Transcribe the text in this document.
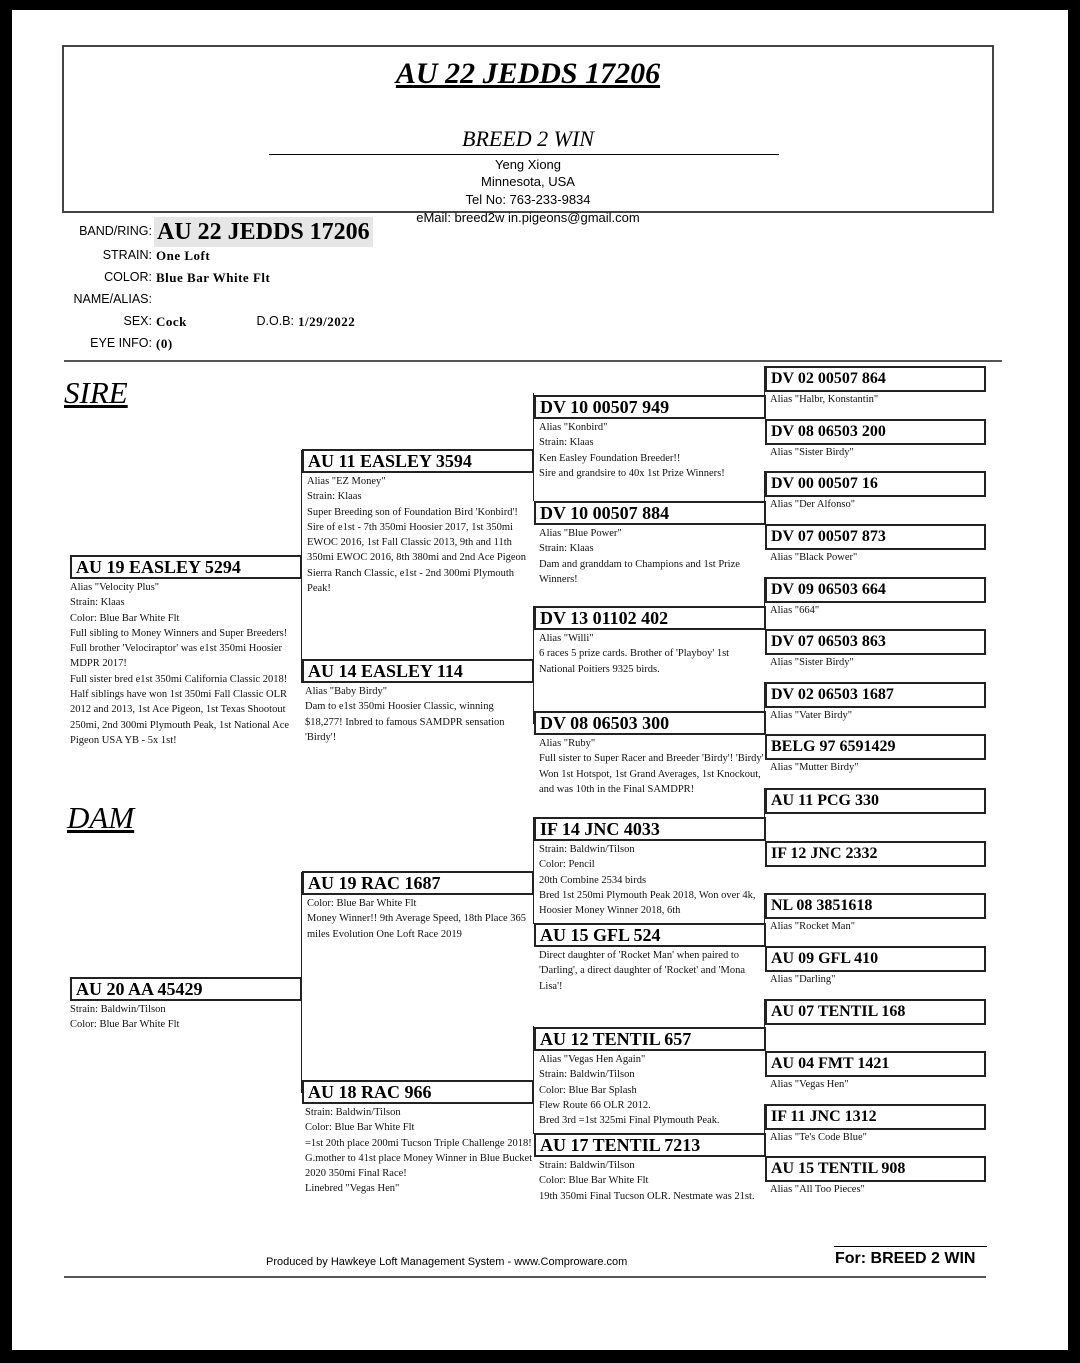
AU 22 JEDDS 17206
BREED 2 WIN
Yeng Xiong
Minnesota, USA
Tel No: 763-233-9834
eMail: breed2w in.pigeons@gmail.com
BAND/RING: AU 22 JEDDS 17206
STRAIN: One Loft
COLOR: Blue Bar White Flt
NAME/ALIAS:
SEX: Cock	D.O.B: 1/29/2022
EYE INFO: (0)
SIRE
DAM
AU 19 EASLEY 5294
Alias "Velocity Plus"
Strain: Klaas
Color: Blue Bar White Flt
Full sibling to Money Winners and Super Breeders!
Full brother 'Velociraptor' was e1st 350mi Hoosier MDPR 2017!
Full sister bred e1st 350mi California Classic 2018! Half siblings have won 1st 350mi Fall Classic OLR 2012 and 2013, 1st Ace Pigeon, 1st Texas Shootout 250mi, 2nd 300mi Plymouth Peak, 1st National Ace Pigeon USA YB - 5x 1st!
AU 20 AA 45429
Strain: Baldwin/Tilson
Color: Blue Bar White Flt
AU 11 EASLEY 3594
Alias "EZ Money"
Strain: Klaas
Super Breeding son of Foundation Bird 'Konbird'!
Sire of e1st - 7th 350mi Hoosier 2017, 1st 350mi EWOC 2016, 1st Fall Classic 2013, 9th and 11th 350mi EWOC 2016, 8th 380mi and 2nd Ace Pigeon Sierra Ranch Classic, e1st - 2nd 300mi Plymouth Peak!
AU 14 EASLEY 114
Alias "Baby Birdy"
Dam to e1st 350mi Hoosier Classic, winning $18,277! Inbred to famous SAMDPR sensation 'Birdy'!
AU 19 RAC 1687
Color: Blue Bar White Flt
Money Winner!! 9th Average Speed, 18th Place 365 miles Evolution One Loft Race 2019
AU 18 RAC 966
Strain: Baldwin/Tilson
Color: Blue Bar White Flt
=1st 20th place 200mi Tucson Triple Challenge 2018!
G.mother to 41st place Money Winner in Blue Bucket 2020 350mi Final Race!
Linebred "Vegas Hen"
DV 10 00507 949
Alias "Konbird"
Strain: Klaas
Ken Easley Foundation Breeder!!
Sire and grandsire to 40x 1st Prize Winners!
DV 10 00507 884
Alias "Blue Power"
Strain: Klaas
Dam and granddam to Champions and 1st Prize Winners!
DV 13 01102 402
Alias "Willi"
6 races 5 prize cards. Brother of 'Playboy' 1st National Poitiers 9325 birds.
DV 08 06503 300
Alias "Ruby"
Full sister to Super Racer and Breeder 'Birdy'! 'Birdy' Won 1st Hotspot, 1st Grand Averages, 1st Knockout, and was 10th in the Final SAMDPR!
IF 14 JNC 4033
Strain: Baldwin/Tilson
Color: Pencil
20th Combine 2534 birds
Bred 1st 250mi Plymouth Peak 2018, Won over 4k, Hoosier Money Winner 2018, 6th
AU 15 GFL 524
Direct daughter of 'Rocket Man' when paired to 'Darling', a direct daughter of 'Rocket' and 'Mona Lisa'!
AU 12 TENTIL 657
Alias "Vegas Hen Again"
Strain: Baldwin/Tilson
Color: Blue Bar Splash
Flew Route 66 OLR 2012.
Bred 3rd =1st 325mi Final Plymouth Peak.
AU 17 TENTIL 7213
Strain: Baldwin/Tilson
Color: Blue Bar White Flt
19th 350mi Final Tucson OLR. Nestmate was 21st.
DV 02 00507 864
Alias "Halbr, Konstantin"
DV 08 06503 200
Alias "Sister Birdy"
DV 00 00507 16
Alias "Der Alfonso"
DV 07 00507 873
Alias "Black Power"
DV 09 06503 664
Alias "664"
DV 07 06503 863
Alias "Sister Birdy"
DV 02 06503 1687
Alias "Vater Birdy"
BELG 97 6591429
Alias "Mutter Birdy"
AU 11 PCG 330
IF 12 JNC 2332
NL 08 3851618
Alias "Rocket Man"
AU 09 GFL 410
Alias "Darling"
AU 07 TENTIL 168
AU 04 FMT 1421
Alias "Vegas Hen"
IF 11 JNC 1312
Alias "Te's Code Blue"
AU 15 TENTIL 908
Alias "All Too Pieces"
Produced by Hawkeye Loft Management System - www.Comproware.com	For: BREED 2 WIN
